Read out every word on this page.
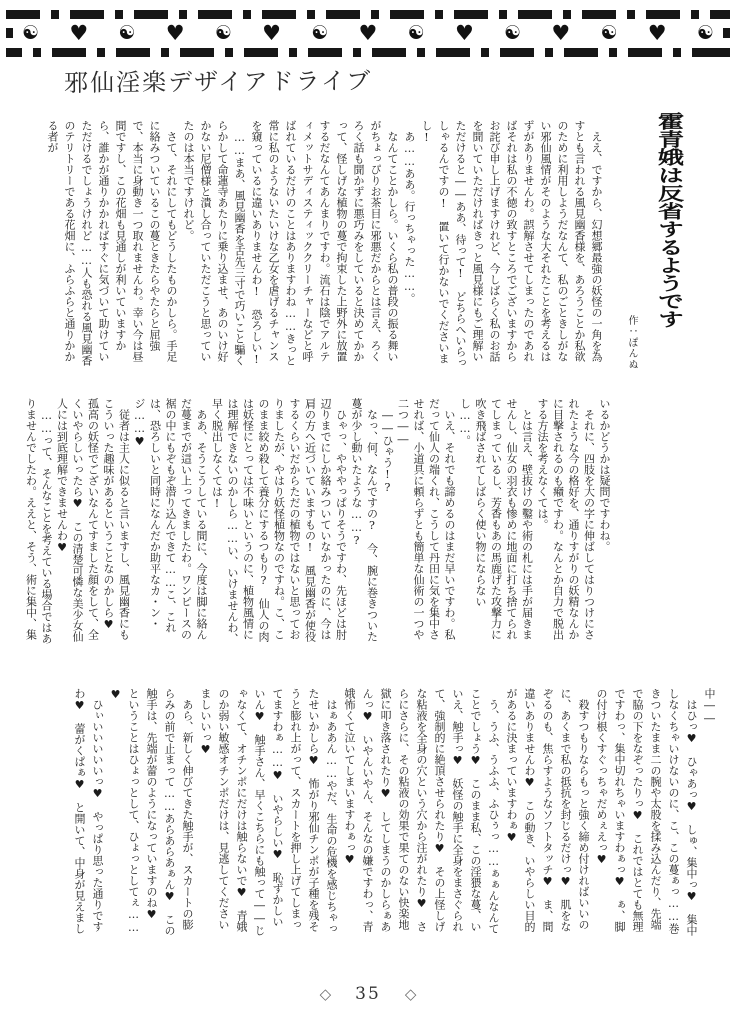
☯ ♥ ☯ ♥ ☯ ♥ ☯ ♥ ☯ ♥ ☯ ♥ ☯ ♥ ☯
邪仙淫楽デザイアドライブ
霍青娥は反省するようです
作：ぽんぬ

　ええ、ですから、幻想郷最強の妖怪の一角を為すとも言われる風見幽香様を、あろうことか私欲のために利用しようだなんて、私のごときしがない邪仙風情がそのような大それたことを考えるはずがありませんわ。誤解させてしまったのであればそれは私の不徳の致すところでございますからお詫び申し上げますけれど、今しばらく私のお話を聞いていただければきっと風見様にもご理解いただけると――ああ、待って!　どちらへいらっしゃるんですの!　置いて行かないでくださいまし!

　あ……ああ。行っちゃった……。

　なんてことかしら。いくら私の普段の振る舞いがちょっぴりお茶目に邪悪だからとは言え、ろくろく話も聞かずに悪巧みをしていると決めてかかって、怪しげな植物の蔓で拘束した上野外に放置するだなんてあんまりですわ。流石は陰でアルティメットサディスティッククリーチャーなどと呼ばれているだけのことはありますわね……きっと常に私のようないたいけな乙女を虐げるチャンスを窺っているに違いありませんわ!　恐ろしい!

　……まあ、風見幽香を舌先三寸で巧いこと騙くらかして命蓮寺あたりに乗り込ませ、あのいけ好かない尼僧様と潰し合っていただこうと思っていたのは本当ですけれど。

　さて、それにしてもどうしたものかしら。手足に絡みついているこの蔓ときたらやたらと屈強で、本当に身動き一つ取れませんわ。幸い今は昼間ですし、この花畑も見通しが利いていますから、誰かが通りかかればすぐに気づいて助けていただけるでしょうけれど……人も恐れる風見幽香のテリトリーである花畑に、ふらふらと通りかかる者が

いるかどうかは疑問ですわね。

　それに、四肢を大の字に伸ばしてはりつけにされたような今の格好を、通りすがりの妖精なんかに目撃されるのも癪ですわ。なんとか自力で脱出する方法を考えなくては。

　とは言え、壁抜けの鑿や術の札には手が届きませんし、仙女の羽衣も惨めに地面に打ち捨てられてしまっているし、芳香もあの馬鹿げた攻撃力に吹き飛ばされてしばらく使い物にならないし……。

　いえ、それでも諦めるのはまだ早いですわ。私だって仙人の端くれ、こうして丹田に気を集中させれば、小道具に頼らずとも簡単な仙術の一つや二つ――

　――ひゃう!?

　なっ、何、なんですの?　今、腕に巻きついた蔓が少し動いたような……?

　ひゃっ、やややっぱりそうですわ、先ほどは肘辺りまでにしか絡みついていなかったのに、今は肩の方へ近づいていますもの!　風見幽香が使役するくらいだからただの植物ではないと思っておりましたが、やはり妖怪植物なのですね。こ、このまま絞め殺して養分にするつもり?　仙人の肉は妖怪にとっては不味いというのに、植物風情には理解できないのかしら……い、いけませんわ、早く脱出しなくては!

　ああ、そうこうしている間に、今度は脚に絡んだ蔓までが這い上ってきましたわ。ワンピースの裾の中にもぞもぞ潜り込んできて……こ、これは、恐ろしいと同時になんだか助平なカ・ン・ジ……♥

　従者は主人に似ると言いますし、風見幽香にもこういった趣味があるということなのかしら♥　孤高の妖怪でございなんてすました顔をして、全くいやらしいったら♥　この清楚可憐な美少女仙人には到底理解できませんわ♥

　……って、そんなことを考えている場合ではありませんでしたわ。ええと、そう、術に集中、集

中――

　はひっ♥　ひゃあっ♥　しゅ、集中っ♥　集中しなくちゃいけないのに、こ、この蔓ぁっ……巻きついたまま二の腕や太股を揉み込んだり、先端で脇の下をなぞったりっ♥　これではとても無理ですわっ、集中切れちゃいますわぁっ♥　ぁ、脚の付け根くすぐっちゃだめぇえっ♥

　殺すつもりならもっと強く締め付ければいいのに、あくまで私の抵抗を封じるだけっ♥　肌をなぞるのも、焦らすようなソフトタッチ♥　ま、間違いありませんわ♥　この動き、いやらしい目的があるに決まっていますわぁ♥

　う、うふ、うふふ、ふひぅっ……ぁぁんなんてことでしょう♥　このまま私、この淫猥な蔓、いいえ、触手っ♥　妖怪の触手に全身をまさぐられて、強制的に絶頂させられたり♥　その上怪しげな粘液を全身の穴という穴から注がれたり♥　さらにさらに、その粘液の効果で果てのない快楽地獄に叩き落されたり♥　してしまうのかしらぁあんっ♥　いやんいやん、そんなの嫌ですわっ、青娥怖くて泣いてしまいますわぁっ♥

　はぁああん……やだ、生命の危機を感じちゃったせいかしら♥　怖がり邪仙チンポが子種を残そうと膨れ上がって、スカートを押し上げてしまってますわぁ……♥　いやらしい♥　恥ずかしいいん♥　触手さん、早くこちらにも触って――じゃなくて、オチンポにだけは触らないで♥　青娥のか弱い敏感オチンポだけは、見逃してくださいましいいっ♥

　あら、新しく伸びてきた触手が、スカートの膨らみの前で止まって……あらあらあぁん♥　この触手は、先端が蕾のようになっていますのね♥　ということはひょっとして、ひょっとしてぇ……♥

　ひぃいいいいいっ♥　やっぱり思った通りですわ♥　蕾がくぱぁ♥　と開いて、中身が見えまし

◇ 35 ◇
